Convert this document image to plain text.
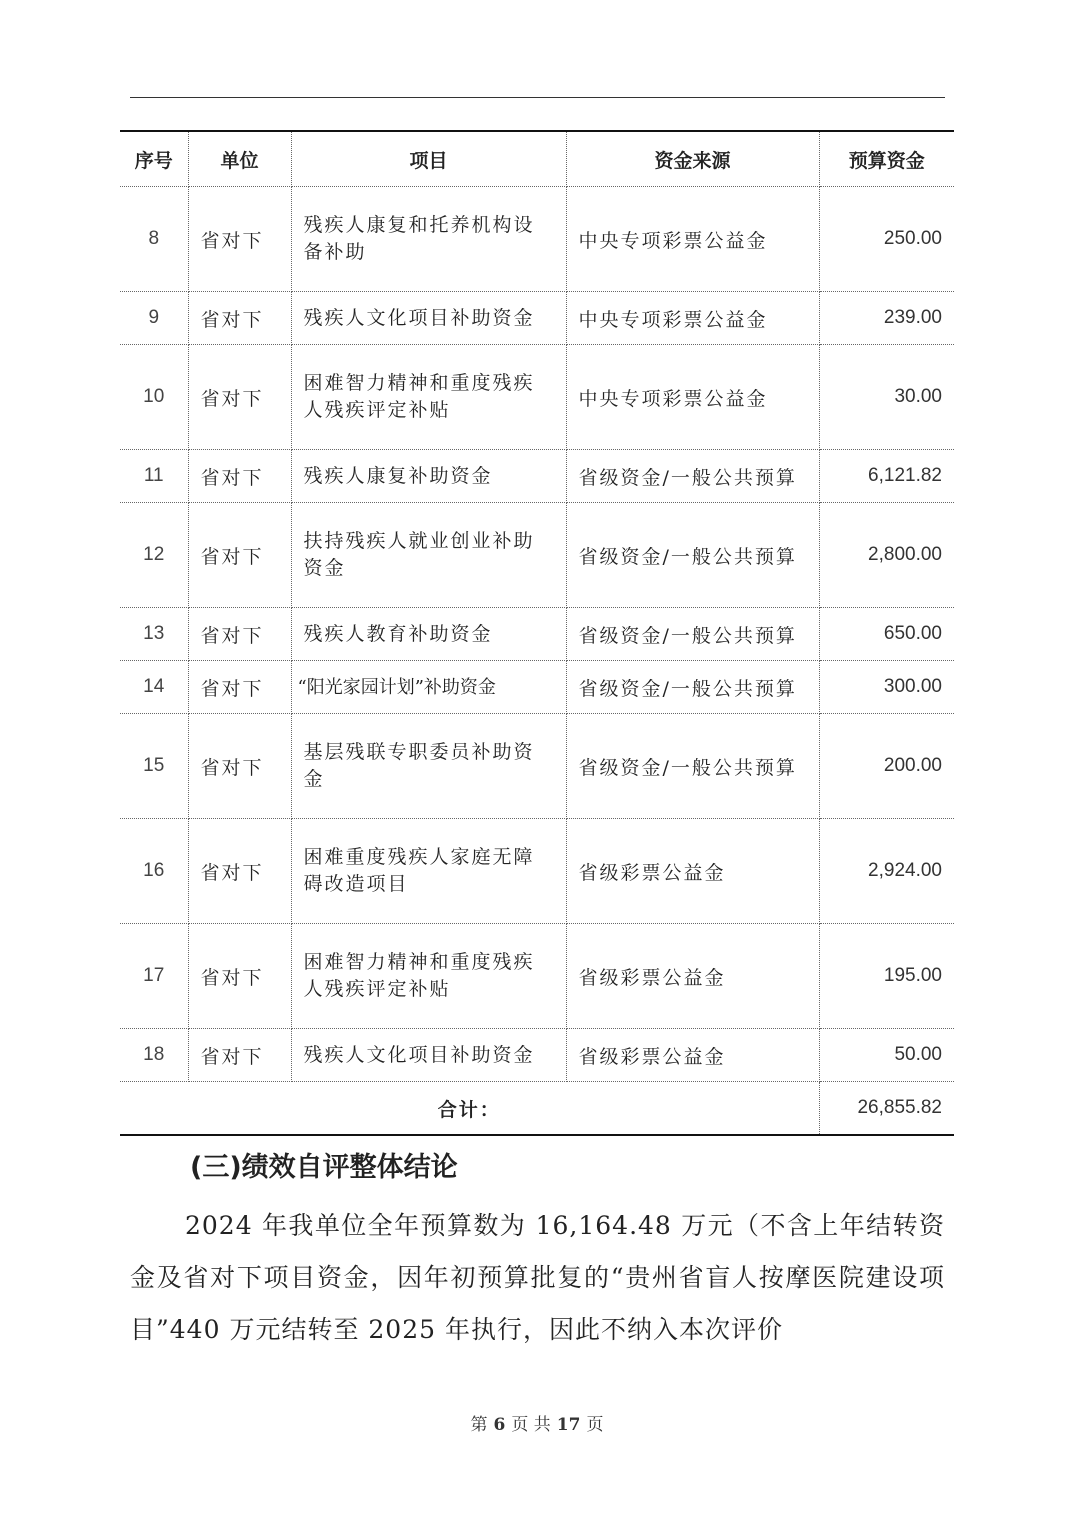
序号	单位	项目	资金来源	预算资金
8	省对下	残疾人康复和托养机构设备补助	中央专项彩票公益金	250.00
9	省对下	残疾人文化项目补助资金	中央专项彩票公益金	239.00
10	省对下	困难智力精神和重度残疾人残疾评定补贴	中央专项彩票公益金	30.00
11	省对下	残疾人康复补助资金	省级资金/一般公共预算	6,121.82
12	省对下	扶持残疾人就业创业补助资金	省级资金/一般公共预算	2,800.00
13	省对下	残疾人教育补助资金	省级资金/一般公共预算	650.00
14	省对下	“阳光家园计划”补助资金	省级资金/一般公共预算	300.00
15	省对下	基层残联专职委员补助资金	省级资金/一般公共预算	200.00
16	省对下	困难重度残疾人家庭无障碍改造项目	省级彩票公益金	2,924.00
17	省对下	困难智力精神和重度残疾人残疾评定补贴	省级彩票公益金	195.00
18	省对下	残疾人文化项目补助资金	省级彩票公益金	50.00
合计：				26,855.82
(三)绩效自评整体结论

2024 年我单位全年预算数为 16,164.48 万元（不含上年结转资金及省对下项目资金，因年初预算批复的“贵州省盲人按摩医院建设项目”440 万元结转至 2025 年执行，因此不纳入本次评价

第 6 页 共 17 页
